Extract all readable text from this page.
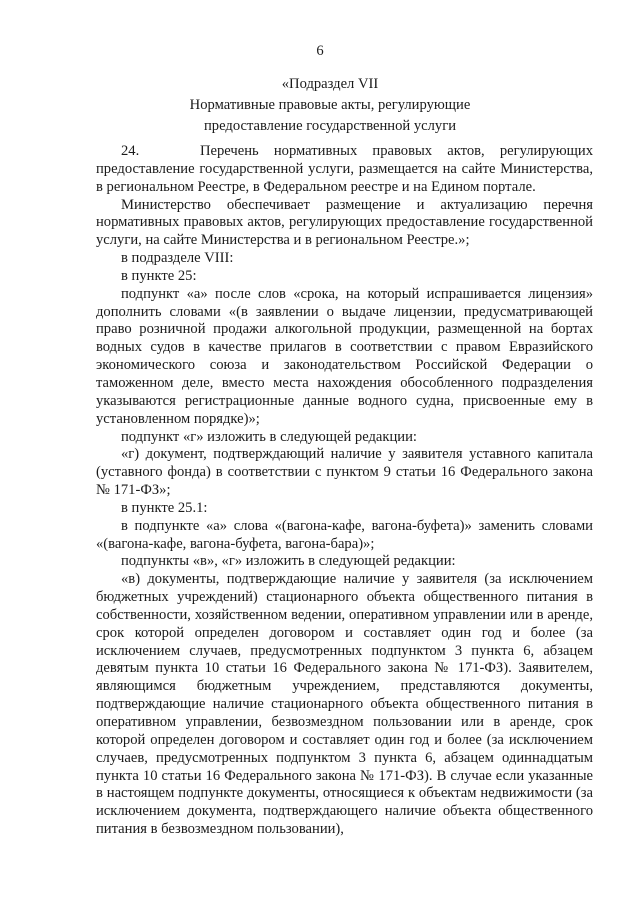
6
«Подраздел VII
Нормативные правовые акты, регулирующие
предоставление государственной услуги

24.    Перечень нормативных правовых актов, регулирующих предоставление государственной услуги, размещается на сайте Министерства, в региональном Реестре, в Федеральном реестре и на Едином портале.

Министерство обеспечивает размещение и актуализацию перечня нормативных правовых актов, регулирующих предоставление государственной услуги, на сайте Министерства и в региональном Реестре.»;

в подразделе VIII:

в пункте 25:

подпункт «а» после слов «срока, на который испрашивается лицензия» дополнить словами «(в заявлении о выдаче лицензии, предусматривающей право розничной продажи алкогольной продукции, размещенной на бортах водных судов в качестве прилагов в соответствии с правом Евразийского экономического союза и законодательством Российской Федерации о таможенном деле, вместо места нахождения обособленного подразделения указываются регистрационные данные водного судна, присвоенные ему в установленном порядке)»;

подпункт «г» изложить в следующей редакции:

«г) документ, подтверждающий наличие у заявителя уставного капитала (уставного фонда) в соответствии с пунктом 9 статьи 16 Федерального закона № 171-ФЗ»;

в пункте 25.1:

в подпункте «а» слова «(вагона-кафе, вагона-буфета)» заменить словами «(вагона-кафе, вагона-буфета, вагона-бара)»;

подпункты «в», «г» изложить в следующей редакции:

«в) документы, подтверждающие наличие у заявителя (за исключением бюджетных учреждений) стационарного объекта общественного питания в собственности, хозяйственном ведении, оперативном управлении или в аренде, срок которой определен договором и составляет один год и более (за исключением случаев, предусмотренных подпунктом 3 пункта 6, абзацем девятым пункта 10 статьи 16 Федерального закона № 171-ФЗ). Заявителем, являющимся бюджетным учреждением, представляются документы, подтверждающие наличие стационарного объекта общественного питания в оперативном управлении, безвозмездном пользовании или в аренде, срок которой определен договором и составляет один год и более (за исключением случаев, предусмотренных подпунктом 3 пункта 6, абзацем одиннадцатым пункта 10 статьи 16 Федерального закона № 171-ФЗ). В случае если указанные в настоящем подпункте документы, относящиеся к объектам недвижимости (за исключением документа, подтверждающего наличие объекта общественного питания в безвозмездном пользовании),
